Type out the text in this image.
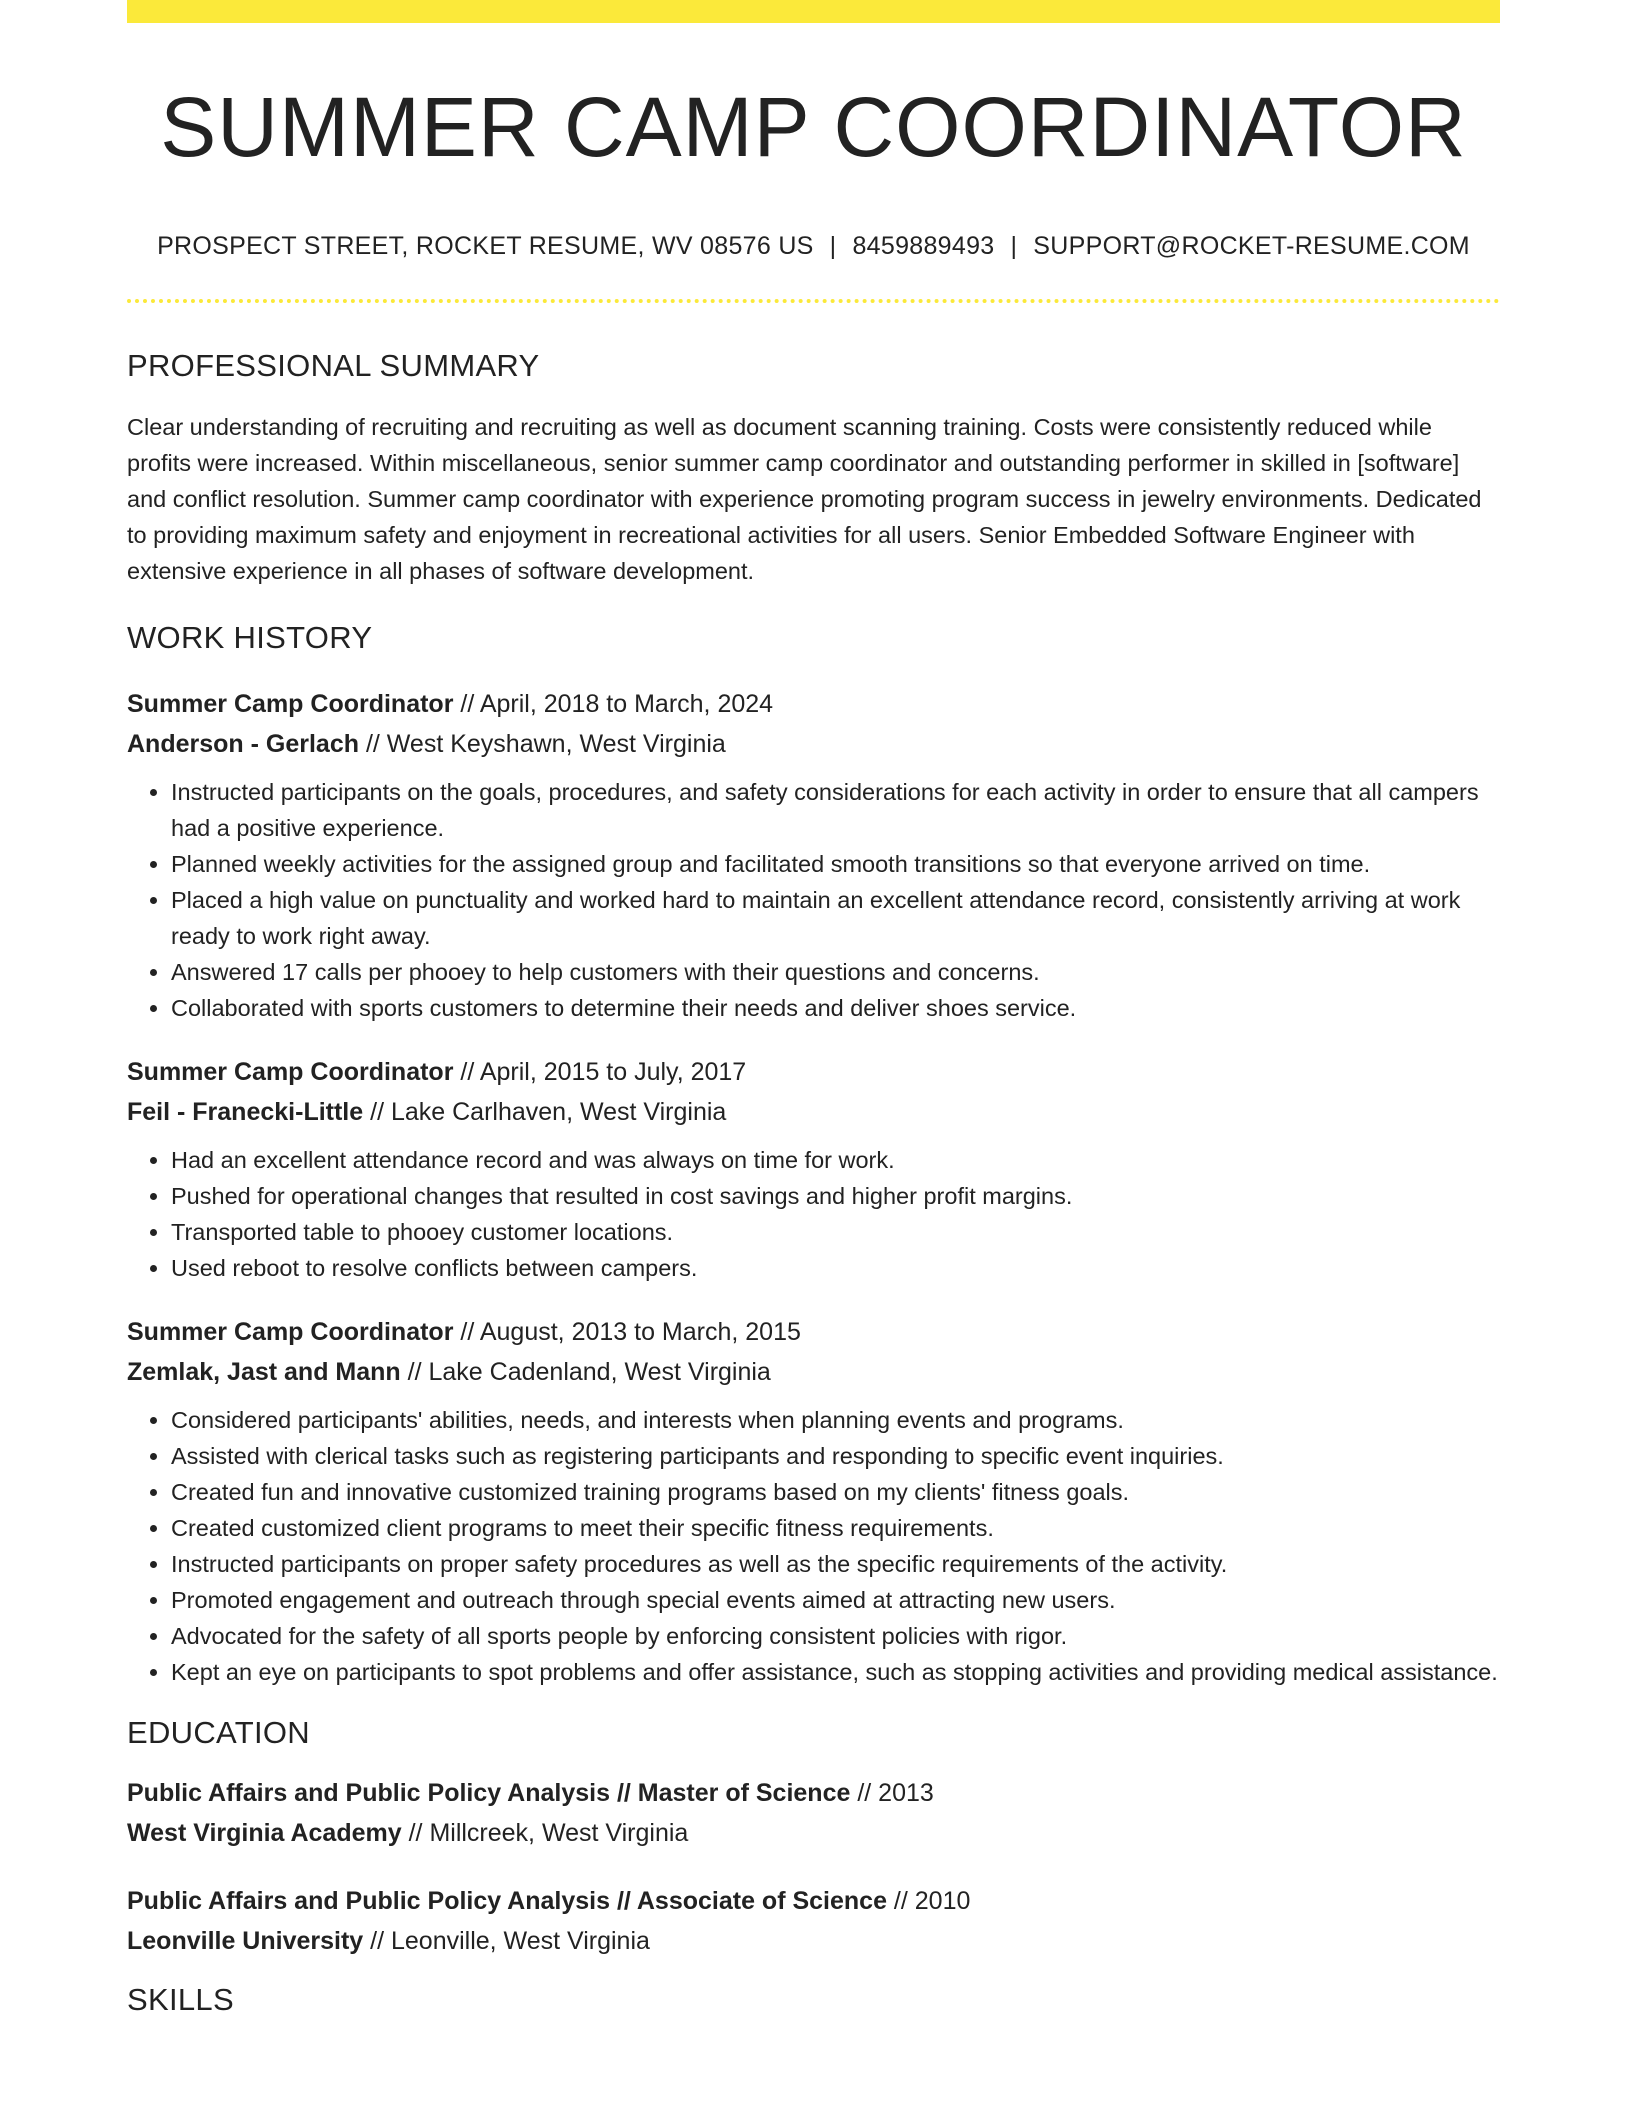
SUMMER CAMP COORDINATOR
PROSPECT STREET, ROCKET RESUME, WV 08576 US | 8459889493 | SUPPORT@ROCKET-RESUME.COM
PROFESSIONAL SUMMARY
Clear understanding of recruiting and recruiting as well as document scanning training. Costs were consistently reduced while profits were increased. Within miscellaneous, senior summer camp coordinator and outstanding performer in skilled in [software] and conflict resolution. Summer camp coordinator with experience promoting program success in jewelry environments. Dedicated to providing maximum safety and enjoyment in recreational activities for all users. Senior Embedded Software Engineer with extensive experience in all phases of software development.
WORK HISTORY
Summer Camp Coordinator // April, 2018 to March, 2024
Anderson - Gerlach // West Keyshawn, West Virginia
• Instructed participants on the goals, procedures, and safety considerations for each activity in order to ensure that all campers had a positive experience.
• Planned weekly activities for the assigned group and facilitated smooth transitions so that everyone arrived on time.
• Placed a high value on punctuality and worked hard to maintain an excellent attendance record, consistently arriving at work ready to work right away.
• Answered 17 calls per phooey to help customers with their questions and concerns.
• Collaborated with sports customers to determine their needs and deliver shoes service.
Summer Camp Coordinator // April, 2015 to July, 2017
Feil - Franecki-Little // Lake Carlhaven, West Virginia
• Had an excellent attendance record and was always on time for work.
• Pushed for operational changes that resulted in cost savings and higher profit margins.
• Transported table to phooey customer locations.
• Used reboot to resolve conflicts between campers.
Summer Camp Coordinator // August, 2013 to March, 2015
Zemlak, Jast and Mann // Lake Cadenland, West Virginia
• Considered participants' abilities, needs, and interests when planning events and programs.
• Assisted with clerical tasks such as registering participants and responding to specific event inquiries.
• Created fun and innovative customized training programs based on my clients' fitness goals.
• Created customized client programs to meet their specific fitness requirements.
• Instructed participants on proper safety procedures as well as the specific requirements of the activity.
• Promoted engagement and outreach through special events aimed at attracting new users.
• Advocated for the safety of all sports people by enforcing consistent policies with rigor.
• Kept an eye on participants to spot problems and offer assistance, such as stopping activities and providing medical assistance.
EDUCATION
Public Affairs and Public Policy Analysis // Master of Science // 2013
West Virginia Academy // Millcreek, West Virginia
Public Affairs and Public Policy Analysis // Associate of Science // 2010
Leonville University // Leonville, West Virginia
SKILLS
